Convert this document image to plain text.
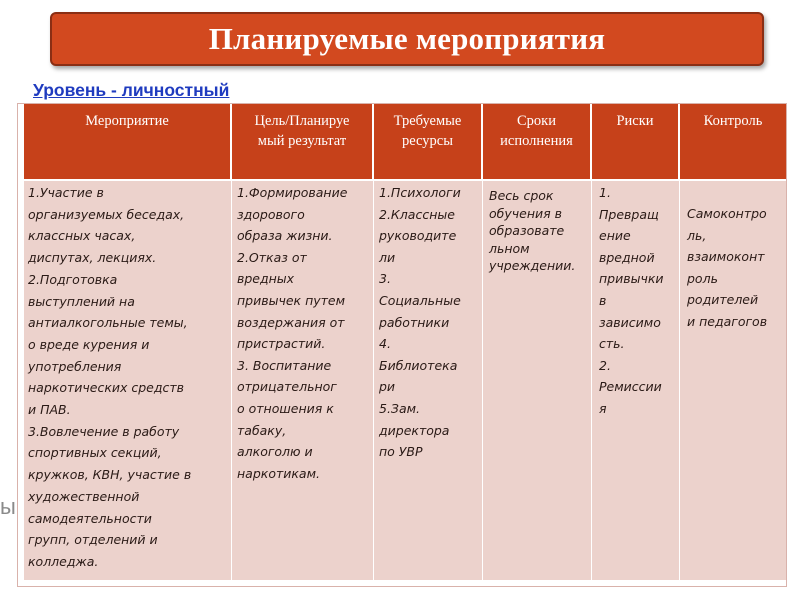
Планируемые мероприятия
Уровень - личностный
ы
Мероприятие	Цель/Планируе
мый результат
Требуемые
ресурсы
Сроки
исполнения
Риски	Контроль
1.Участие в
организуемых беседах,
классных часах,
диспутах, лекциях.
2.Подготовка
выступлений на
антиалкогольные темы,
о вреде курения и
употребления
наркотических средств
и ПАВ.
3.Вовлечение в работу
спортивных секций,
кружков, КВН, участие в
художественной
самодеятельности
групп, отделений и
колледжа.
1.Формирование
здорового
образа жизни.
2.Отказ от
вредных
привычек путем
воздержания от
пристрастий.
3. Воспитание
отрицательног
о отношения к
табаку,
алкоголю и
наркотикам.
1.Психологи
2.Классные
руководите
ли
3.
Социальные
работники
4.
Библиотека
ри
5.Зам.
директора
по УВР
Весь срок
обучения в
образовате
льном
учреждении.
1.
Превращ
ение
вредной
привычки
в
зависимо
сть.
2.
Ремиссии
я
Самоконтро
ль,
взаимоконт
роль
родителей
и педагогов
